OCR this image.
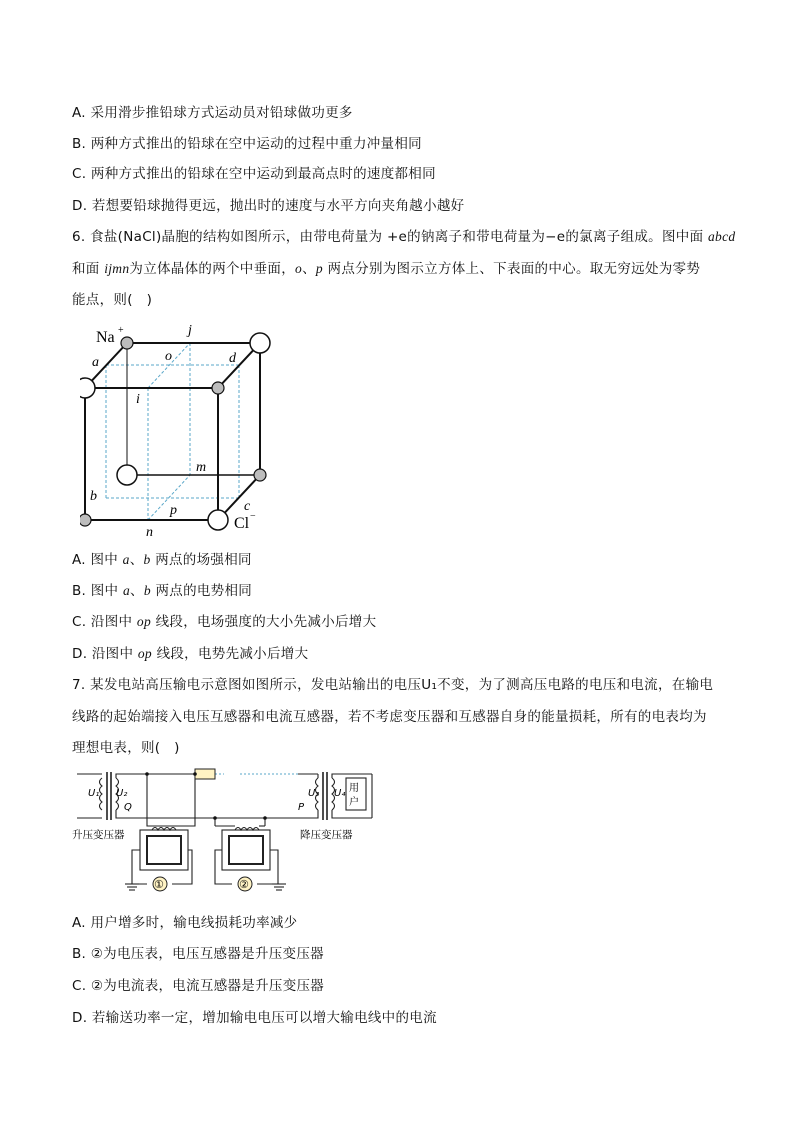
A. 采用滑步推铅球方式运动员对铅球做功更多
B. 两种方式推出的铅球在空中运动的过程中重力冲量相同
C. 两种方式推出的铅球在空中运动到最高点时的速度都相同
D. 若想要铅球抛得更远，抛出时的速度与水平方向夹角越小越好
6. 食盐(NaCl)晶胞的结构如图所示，由带电荷量为 +e的钠离子和带电荷量为−e的氯离子组成。图中面 abcd
和面 ijmn为立体晶体的两个中垂面，o、p 两点分别为图示立方体上、下表面的中心。取无穷远处为零势
能点，则(　)
Na +
Cl −
a
b
c
d
i
j
m
n
o
p
A. 图中 a、b 两点的场强相同
B. 图中 a、b 两点的电势相同
C. 沿图中 op 线段，电场强度的大小先减小后增大
D. 沿图中 op 线段，电势先减小后增大
7. 某发电站高压输电示意图如图所示，发电站输出的电压U₁不变，为了测高压电路的电压和电流，在输电
线路的起始端接入电压互感器和电流互感器，若不考虑变压器和互感器自身的能量损耗，所有的电表均为
理想电表，则(　)
用
户
①	②
U₁ U₂	U₃ U₄
Q	P
升压变压器	降压变压器
A. 用户增多时，输电线损耗功率减少
B. ②为电压表，电压互感器是升压变压器
C. ②为电流表，电流互感器是升压变压器
D. 若输送功率一定，增加输电电压可以增大输电线中的电流
